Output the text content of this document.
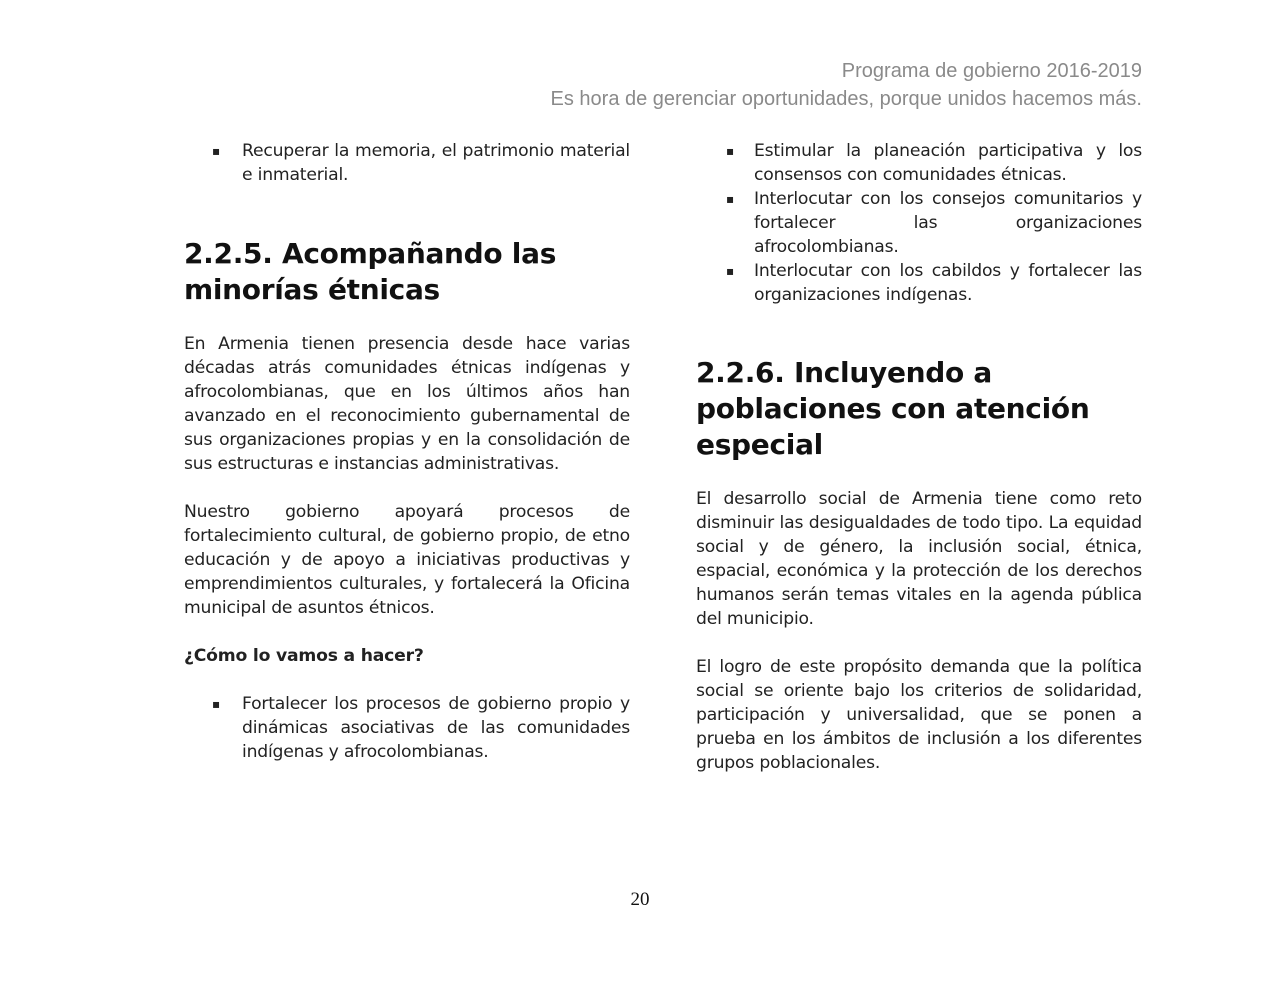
Programa de gobierno 2016-2019
Es hora de gerenciar oportunidades, porque unidos hacemos más.
▪ Recuperar la memoria, el patrimonio material e inmaterial.
2.2.5. Acompañando las minorías étnicas

En Armenia tienen presencia desde hace varias décadas atrás comunidades étnicas indígenas y afrocolombianas, que en los últimos años han avanzado en el reconocimiento gubernamental de sus organizaciones propias y en la consolidación de sus estructuras e instancias administrativas.

Nuestro gobierno apoyará procesos de fortalecimiento cultural, de gobierno propio, de etno educación y de apoyo a iniciativas productivas y emprendimientos culturales, y fortalecerá la Oficina municipal de asuntos étnicos.

¿Cómo lo vamos a hacer?

▪ Fortalecer los procesos de gobierno propio y dinámicas asociativas de las comunidades indígenas y afrocolombianas.
▪ Estimular la planeación participativa y los consensos con comunidades étnicas.
▪ Interlocutar con los consejos comunitarios y fortalecer las organizaciones afrocolombianas.
▪ Interlocutar con los cabildos y fortalecer las organizaciones indígenas.
2.2.6. Incluyendo a poblaciones con atención especial

El desarrollo social de Armenia tiene como reto disminuir las desigualdades de todo tipo. La equidad social y de género, la inclusión social, étnica, espacial, económica y la protección de los derechos humanos serán temas vitales en la agenda pública del municipio.

El logro de este propósito demanda que la política social se oriente bajo los criterios de solidaridad, participación y universalidad, que se ponen a prueba en los ámbitos de inclusión a los diferentes grupos poblacionales.

20
